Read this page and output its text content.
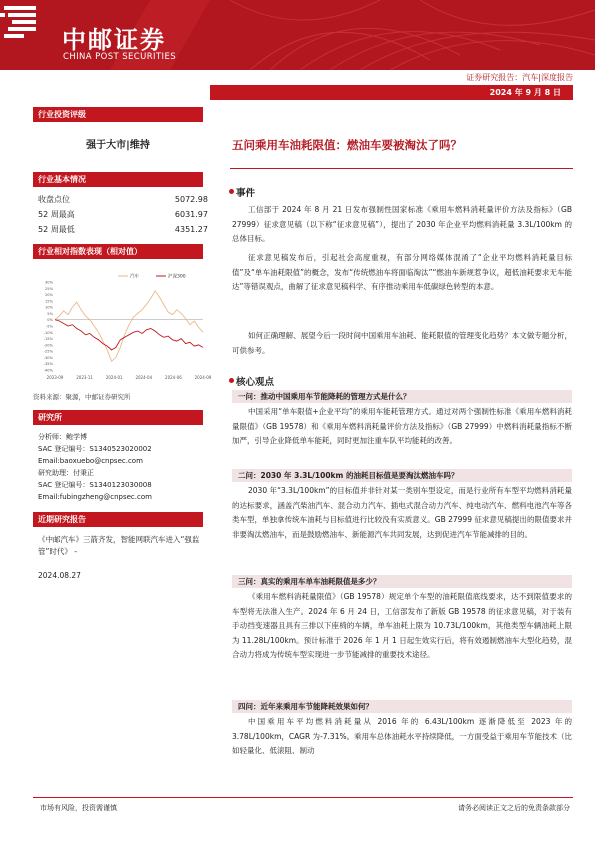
中邮证券
CHINA POST SECURITIES
证券研究报告：汽车|深度报告
2024 年 9 月 8 日
行业投资评级
强于大市|维持
行业基本情况
收盘点位	5072.98
52 周最高	6031.97
52 周最低	4351.27
行业相对指数表现（相对值）
30%
25%
20%
15%
10%
5%
0%
-5%
-10%
-15%
-20%
-25%
-30%
-35%
-40%
2023-09	2023-11	2024-01	2024-04	2024-06	2024-09
汽车	沪深300
资料来源：聚源，中邮证券研究所
研究所
分析师：鲍学博
SAC 登记编号：S1340523020002
Email:baoxuebo@cnpsec.com
研究助理：付秉正
SAC 登记编号：S1340123030008
Email:fubingzheng@cnpsec.com
近期研究报告
《中邮汽车》三箭齐发，智能网联汽车进入“强监管”时代》 -
2024.08.27
五问乘用车油耗限值：燃油车要被淘汰了吗？
事件
工信部于 2024 年 8 月 21 日发布强制性国家标准《乘用车燃料消耗量评价方法及指标》（GB 27999）征求意见稿（以下称“征求意见稿”），提出了 2030 年企业平均燃料消耗量 3.3L/100km 的总体目标。
征求意见稿发布后，引起社会高度重视，有部分网络媒体混淆了“企业平均燃料消耗量目标值”及“单车油耗限值”的概念，发布“传统燃油车将面临淘汰”“燃油车新规惹争议，超低油耗要求无车能达”等错误观点，曲解了征求意见稿科学、有序推动乘用车低碳绿色转型的本意。
如何正确理解、展望今后一段时间中国乘用车油耗、能耗限值的管理变化趋势？本文做专题分析，可供参考。
核心观点
一问：推动中国乘用车节能降耗的管理方式是什么？
中国采用“单车限值+企业平均”的乘用车能耗管理方式。通过对两个强制性标准《乘用车燃料消耗量限值》（GB 19578）和《乘用车燃料消耗量评价方法及指标》（GB 27999）中燃料消耗量指标不断加严，引导企业降低单车能耗，同时更加注重车队平均能耗的改善。
二问：2030 年 3.3L/100km 的油耗目标值是要淘汰燃油车吗？
2030 年“3.3L/100km”的目标值并非针对某一类别车型设定，而是行业所有车型平均燃料消耗量的达标要求，涵盖汽柴油汽车、混合动力汽车、插电式混合动力汽车、纯电动汽车、燃料电池汽车等各类车型，单独拿传统车油耗与目标值进行比较没有实质意义。GB 27999 征求意见稿提出的限值要求并非要淘汰燃油车，而是鼓励燃油车、新能源汽车共同发展，达到促进汽车节能减排的目的。
三问：真实的乘用车单车油耗限值是多少？
《乘用车燃料消耗量限值》（GB 19578）规定单个车型的油耗限值底线要求，达不到限值要求的车型将无法准入生产。2024 年 6 月 24 日，工信部发布了新版 GB 19578 的征求意见稿，对于装有手动挡变速器且具有三排以下座椅的车辆，单车油耗上限为 10.73L/100km，其他类型车辆油耗上限为 11.28L/100km。预计标准于 2026 年 1 月 1 日起生效实行后，将有效遏制燃油车大型化趋势，混合动力将成为传统车型实现进一步节能减排的重要技术途径。
四问：近年来乘用车节能降耗效果如何？
中国乘用车平均燃料消耗量从 2016 年的 6.43L/100km 逐渐降低至 2023 年的 3.78L/100km，CAGR 为-7.31%。乘用车总体油耗水平持续降低，一方面受益于乘用车节能技术（比如轻量化、低滚阻、制动
市场有风险，投资需谨慎	请务必阅读正文之后的免责条款部分
